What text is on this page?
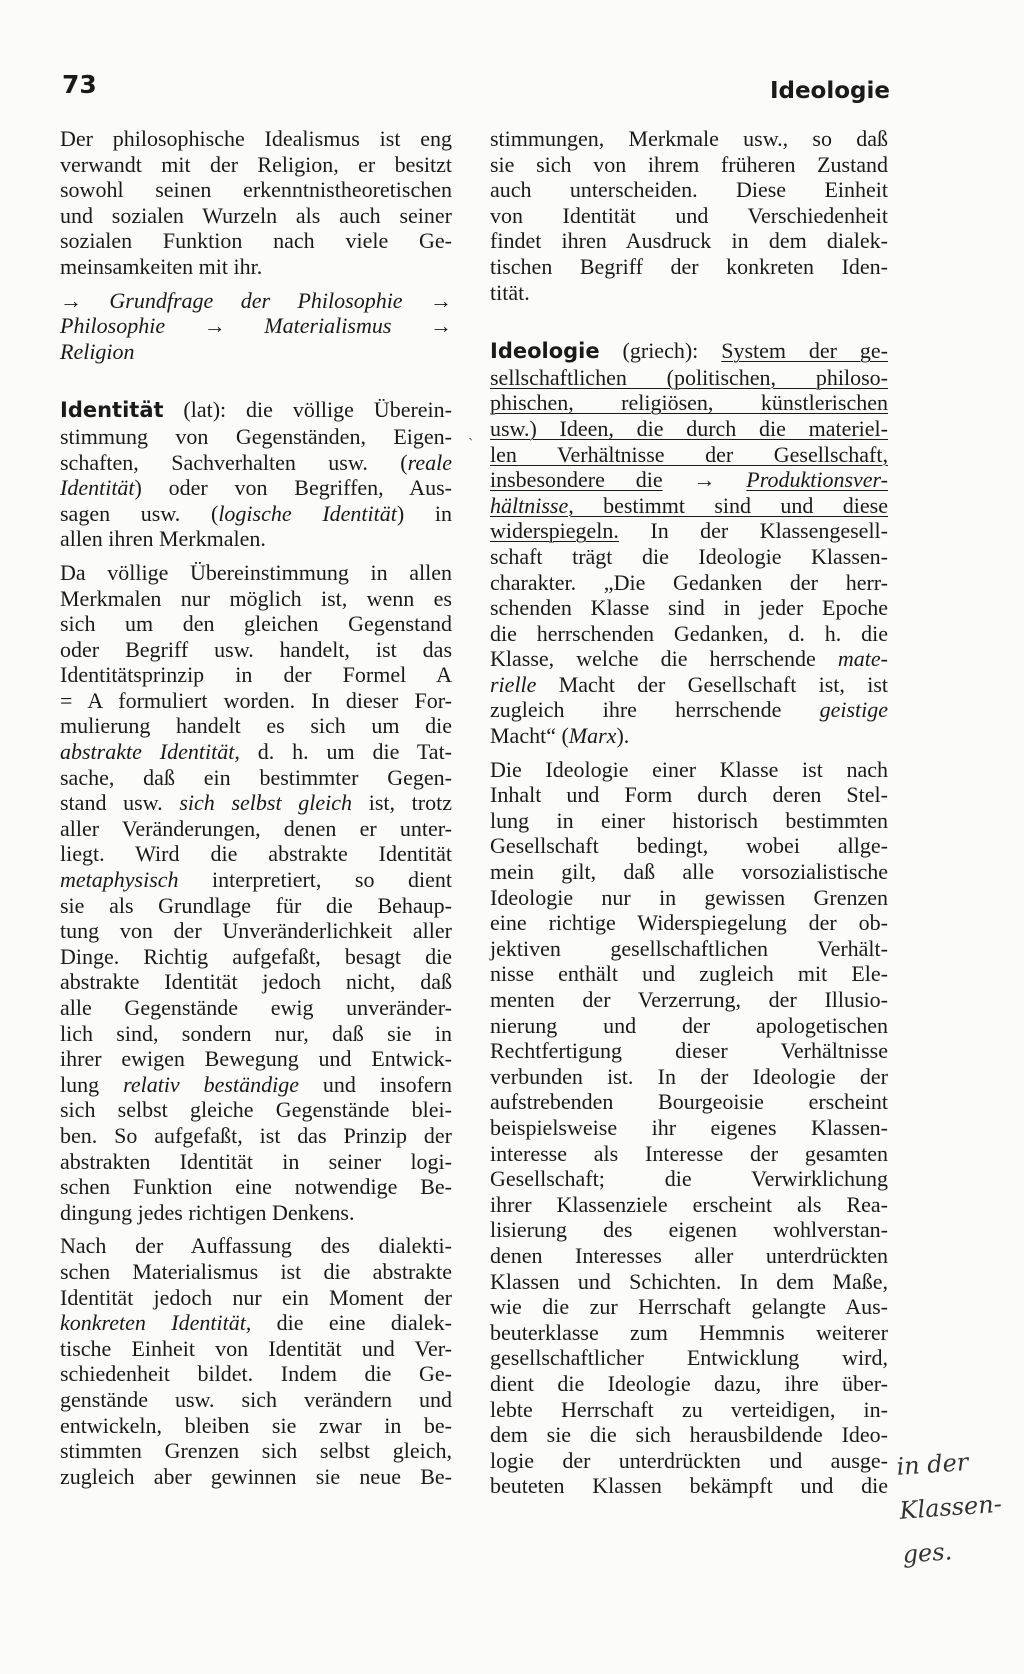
73	Ideologie
Der philosophische Idealismus ist eng
verwandt mit der Religion, er besitzt
sowohl seinen erkenntnistheoretischen
und sozialen Wurzeln als auch seiner
sozialen Funktion nach viele Ge-
meinsamkeiten mit ihr.
→ Grundfrage der Philosophie →
Philosophie → Materialismus →
Religion
Identität (lat): die völlige Überein-
stimmung von Gegenständen, Eigen-
schaften, Sachverhalten usw. (reale
Identität) oder von Begriffen, Aus-
sagen usw. (logische Identität) in
allen ihren Merkmalen.
Da völlige Übereinstimmung in allen
Merkmalen nur möglich ist, wenn es
sich um den gleichen Gegenstand
oder Begriff usw. handelt, ist das
Identitätsprinzip in der Formel A
= A formuliert worden. In dieser For-
mulierung handelt es sich um die
abstrakte Identität, d. h. um die Tat-
sache, daß ein bestimmter Gegen-
stand usw. sich selbst gleich ist, trotz
aller Veränderungen, denen er unter-
liegt. Wird die abstrakte Identität
metaphysisch interpretiert, so dient
sie als Grundlage für die Behaup-
tung von der Unveränderlichkeit aller
Dinge. Richtig aufgefaßt, besagt die
abstrakte Identität jedoch nicht, daß
alle Gegenstände ewig unveränder-
lich sind, sondern nur, daß sie in
ihrer ewigen Bewegung und Entwick-
lung relativ beständige und insofern
sich selbst gleiche Gegenstände blei-
ben. So aufgefaßt, ist das Prinzip der
abstrakten Identität in seiner logi-
schen Funktion eine notwendige Be-
dingung jedes richtigen Denkens.
Nach der Auffassung des dialekti-
schen Materialismus ist die abstrakte
Identität jedoch nur ein Moment der
konkreten Identität, die eine dialek-
tische Einheit von Identität und Ver-
schiedenheit bildet. Indem die Ge-
genstände usw. sich verändern und
entwickeln, bleiben sie zwar in be-
stimmten Grenzen sich selbst gleich,
zugleich aber gewinnen sie neue Be-
stimmungen, Merkmale usw., so daß
sie sich von ihrem früheren Zustand
auch unterscheiden. Diese Einheit
von Identität und Verschiedenheit
findet ihren Ausdruck in dem dialek-
tischen Begriff der konkreten Iden-
tität.
Ideologie (griech): System der ge-
sellschaftlichen (politischen, philoso-
phischen, religiösen, künstlerischen
usw.) Ideen, die durch die materiel-
len Verhältnisse der Gesellschaft,
insbesondere die → Produktionsver-
hältnisse, bestimmt sind und diese
widerspiegeln. In der Klassengesell-
schaft trägt die Ideologie Klassen-
charakter. „Die Gedanken der herr-
schenden Klasse sind in jeder Epoche
die herrschenden Gedanken, d. h. die
Klasse, welche die herrschende mate-
rielle Macht der Gesellschaft ist, ist
zugleich ihre herrschende geistige
Macht“ (Marx).
Die Ideologie einer Klasse ist nach
Inhalt und Form durch deren Stel-
lung in einer historisch bestimmten
Gesellschaft bedingt, wobei allge-
mein gilt, daß alle vorsozialistische
Ideologie nur in gewissen Grenzen
eine richtige Widerspiegelung der ob-
jektiven gesellschaftlichen Verhält-
nisse enthält und zugleich mit Ele-
menten der Verzerrung, der Illusio-
nierung und der apologetischen
Rechtfertigung dieser Verhältnisse
verbunden ist. In der Ideologie der
aufstrebenden Bourgeoisie erscheint
beispielsweise ihr eigenes Klassen-
interesse als Interesse der gesamten
Gesellschaft; die Verwirklichung
ihrer Klassenziele erscheint als Rea-
lisierung des eigenen wohlverstan-
denen Interesses aller unterdrückten
Klassen und Schichten. In dem Maße,
wie die zur Herrschaft gelangte Aus-
beuterklasse zum Hemmnis weiterer
gesellschaftlicher Entwicklung wird,
dient die Ideologie dazu, ihre über-
lebte Herrschaft zu verteidigen, in-
dem sie die sich herausbildende Ideo-
logie der unterdrückten und ausge-
beuteten Klassen bekämpft und die
`
in der
Klassen-
ges.
